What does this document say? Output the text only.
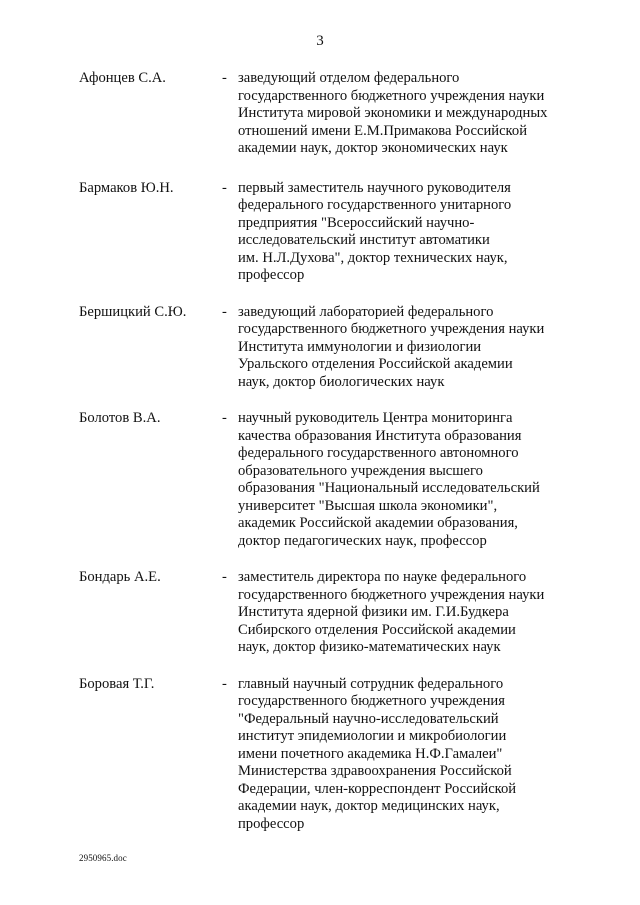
3
Афонцев С.А.	- заведующий отделом федерального
государственного бюджетного учреждения науки
Института мировой экономики и международных
отношений имени Е.М.Примакова Российской
академии наук, доктор экономических наук
Бармаков Ю.Н.	- первый заместитель научного руководителя
федерального государственного унитарного
предприятия "Всероссийский научно-
исследовательский институт автоматики
им. Н.Л.Духова", доктор технических наук,
профессор
Бершицкий С.Ю. - заведующий лабораторией федерального
государственного бюджетного учреждения науки
Института иммунологии и физиологии
Уральского отделения Российской академии
наук, доктор биологических наук
Болотов В.А.	- научный руководитель Центра мониторинга
качества образования Института образования
федерального государственного автономного
образовательного учреждения высшего
образования "Национальный исследовательский
университет "Высшая школа экономики",
академик Российской академии образования,
доктор педагогических наук, профессор
Бондарь А.Е.	- заместитель директора по науке федерального
государственного бюджетного учреждения науки
Института ядерной физики им. Г.И.Будкера
Сибирского отделения Российской академии
наук, доктор физико-математических наук
Боровая Т.Г.	- главный научный сотрудник федерального
государственного бюджетного учреждения
"Федеральный научно-исследовательский
институт эпидемиологии и микробиологии
имени почетного академика Н.Ф.Гамалеи"
Министерства здравоохранения Российской
Федерации, член-корреспондент Российской
академии наук, доктор медицинских наук,
профессор
2950965.doc
